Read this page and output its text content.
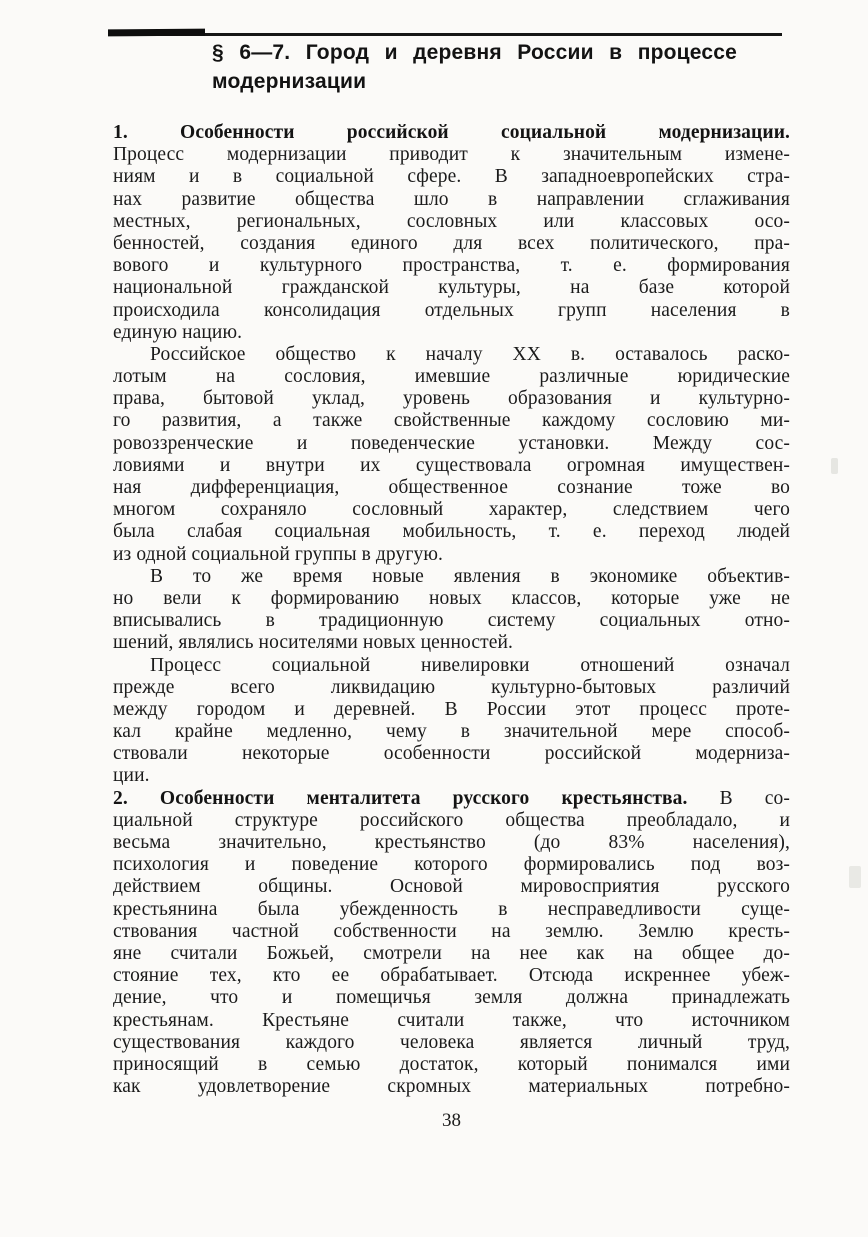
§ 6—7. Город и деревня России в процессе
модернизации
1. Особенности российской социальной модернизации.
Процесс модернизации приводит к значительным измене-
ниям и в социальной сфере. В западноевропейских стра-
нах развитие общества шло в направлении сглаживания
местных, региональных, сословных или классовых осо-
бенностей, создания единого для всех политического, пра-
вового и культурного пространства, т. е. формирования
национальной гражданской культуры, на базе которой
происходила консолидация отдельных групп населения в
единую нацию.
Российское общество к началу XX в. оставалось раско-
лотым на сословия, имевшие различные юридические
права, бытовой уклад, уровень образования и культурно-
го развития, а также свойственные каждому сословию ми-
ровоззренческие и поведенческие установки. Между сос-
ловиями и внутри их существовала огромная имуществен-
ная дифференциация, общественное сознание тоже во
многом сохраняло сословный характер, следствием чего
была слабая социальная мобильность, т. е. переход людей
из одной социальной группы в другую.
В то же время новые явления в экономике объектив-
но вели к формированию новых классов, которые уже не
вписывались в традиционную систему социальных отно-
шений, являлись носителями новых ценностей.
Процесс социальной нивелировки отношений означал
прежде всего ликвидацию культурно-бытовых различий
между городом и деревней. В России этот процесс проте-
кал крайне медленно, чему в значительной мере способ-
ствовали некоторые особенности российской модерниза-
ции.
2. Особенности менталитета русского крестьянства. В со-
циальной структуре российского общества преобладало, и
весьма значительно, крестьянство (до 83% населения),
психология и поведение которого формировались под воз-
действием общины. Основой мировосприятия русского
крестьянина была убежденность в несправедливости суще-
ствования частной собственности на землю. Землю кресть-
яне считали Божьей, смотрели на нее как на общее до-
стояние тех, кто ее обрабатывает. Отсюда искреннее убеж-
дение, что и помещичья земля должна принадлежать
крестьянам. Крестьяне считали также, что источником
существования каждого человека является личный труд,
приносящий в семью достаток, который понимался ими
как удовлетворение скромных материальных потребно-
38
